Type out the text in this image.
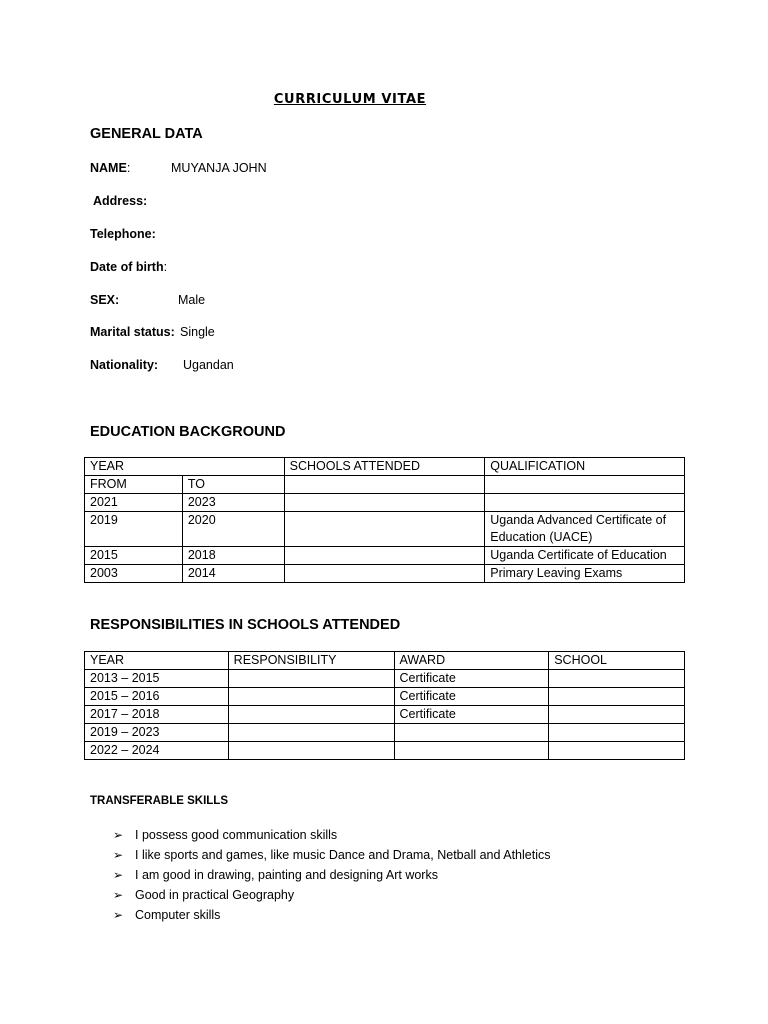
CURRICULUM VITAE
GENERAL DATA
NAME:	MUYANJA JOHN
Address:
Telephone:
Date of birth:
SEX:	Male
Marital status: Single
Nationality: Ugandan
EDUCATION BACKGROUND
YEAR		SCHOOLS ATTENDED	QUALIFICATION
FROM	TO		
2021	2023		
2019	2020		Uganda Advanced Certificate of Education (UACE)
2015	2018		Uganda Certificate of Education
2003	2014		Primary Leaving Exams
RESPONSIBILITIES IN SCHOOLS ATTENDED
YEAR	RESPONSIBILITY	AWARD	SCHOOL
2013 – 2015		Certificate	
2015 – 2016		Certificate	
2017 – 2018		Certificate	
2019 – 2023			
2022 – 2024			
TRANSFERABLE SKILLS
➢ I possess good communication skills
➢ I like sports and games, like music Dance and Drama, Netball and Athletics
➢ I am good in drawing, painting and designing Art works
➢ Good in practical Geography
➢ Computer skills
